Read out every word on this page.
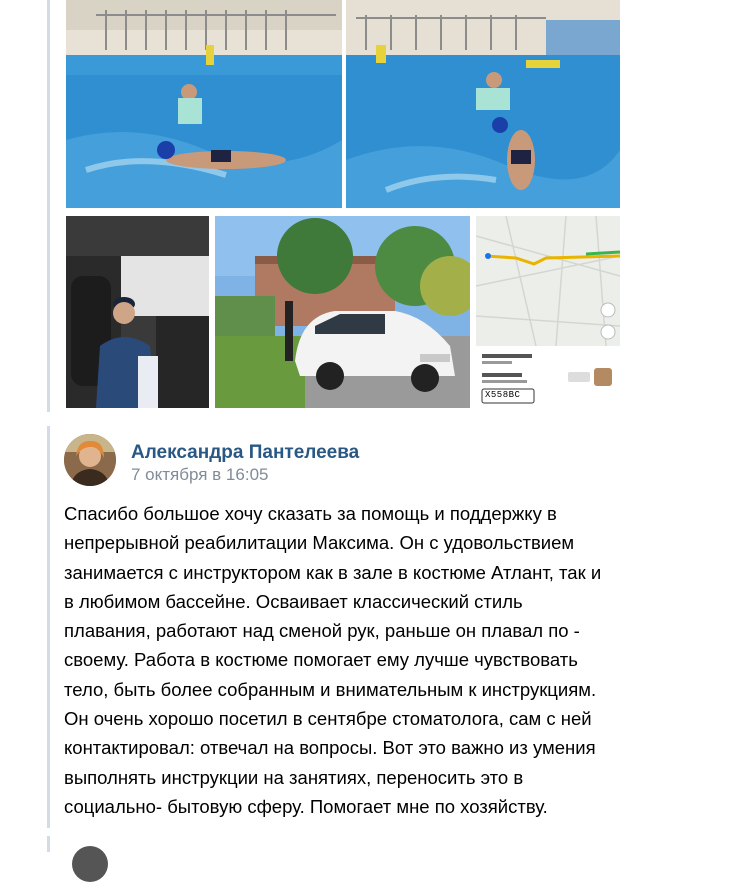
Х558ВС
Александра Пантелеева
7 октября в 16:05
Спасибо большое хочу сказать за помощь и поддержку в
непрерывной реабилитации Максима. Он с удовольствием
занимается с инструктором как в зале в костюме Атлант, так и
в любимом бассейне. Осваивает классический стиль
плавания, работают над сменой рук, раньше он плавал по -
своему. Работа в костюме помогает ему лучше чувствовать
тело, быть более собранным и внимательным к инструкциям.
Он очень хорошо посетил в сентябре стоматолога, сам с ней
контактировал: отвечал на вопросы. Вот это важно из умения
выполнять инструкции на занятиях, переносить это в
социально- бытовую сферу. Помогает мне по хозяйству.
